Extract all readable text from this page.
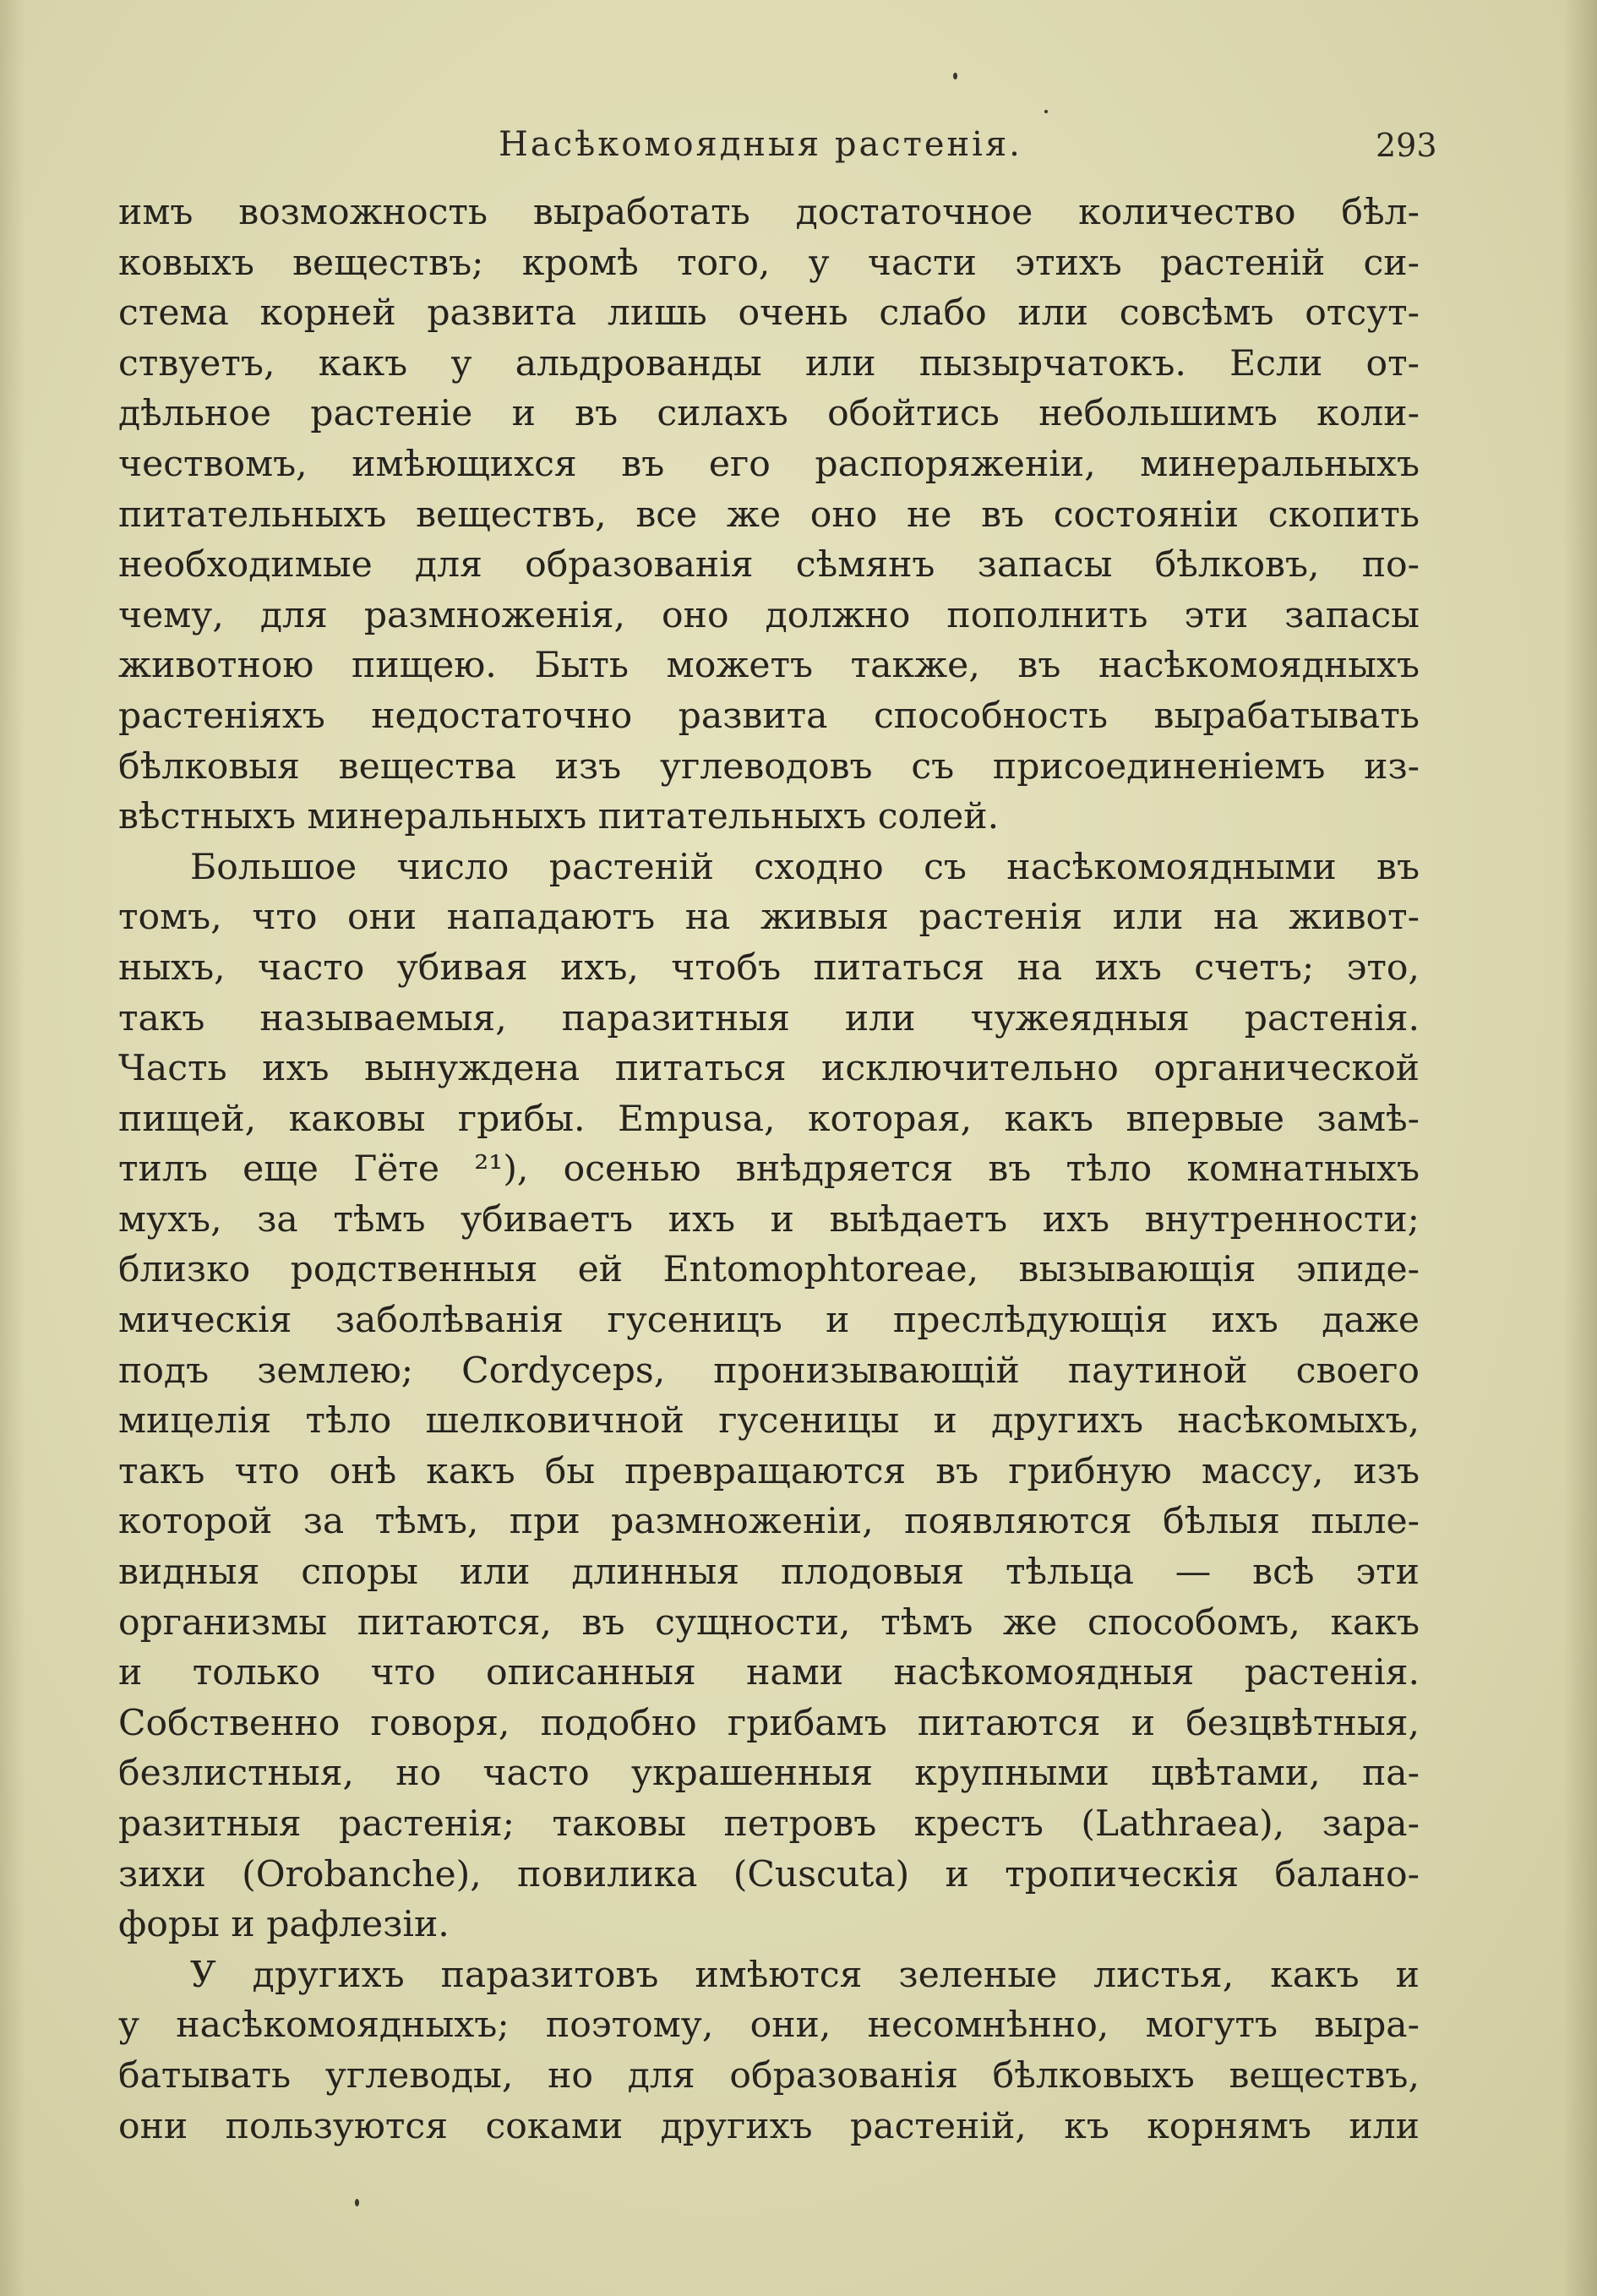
Насѣкомоядныя растенія.	293
имъ возможность выработать достаточное количество бѣл-
ковыхъ веществъ; кромѣ того, у части этихъ растеній си-
стема корней развита лишь очень слабо или совсѣмъ отсут-
ствуетъ, какъ у альдрованды или пызырчатокъ. Если от-
дѣльное растеніе и въ силахъ обойтись небольшимъ коли-
чествомъ, имѣющихся въ его распоряженіи, минеральныхъ
питательныхъ веществъ, все же оно не въ состояніи скопить
необходимые для образованія сѣмянъ запасы бѣлковъ, по-
чему, для размноженія, оно должно пополнить эти запасы
животною пищею. Быть можетъ также, въ насѣкомоядныхъ
растеніяхъ недостаточно развита способность вырабатывать
бѣлковыя вещества изъ углеводовъ съ присоединеніемъ из-
вѣстныхъ минеральныхъ питательныхъ солей.
Большое число растеній сходно съ насѣкомоядными въ
томъ, что они нападаютъ на живыя растенія или на живот-
ныхъ, часто убивая ихъ, чтобъ питаться на ихъ счетъ; это,
такъ называемыя, паразитныя или чужеядныя растенія.
Часть ихъ вынуждена питаться исключительно органической
пищей, каковы грибы. Empusa, которая, какъ впервые замѣ-
тилъ еще Гёте ²¹), осенью внѣдряется въ тѣло комнатныхъ
мухъ, за тѣмъ убиваетъ ихъ и выѣдаетъ ихъ внутренности;
близко родственныя ей Entomophtoreae, вызывающія эпиде-
мическія заболѣванія гусеницъ и преслѣдующія ихъ даже
подъ землею; Cordyceps, пронизывающій паутиной своего
мицелія тѣло шелковичной гусеницы и другихъ насѣкомыхъ,
такъ что онѣ какъ бы превращаются въ грибную массу, изъ
которой за тѣмъ, при размноженіи, появляются бѣлыя пыле-
видныя споры или длинныя плодовыя тѣльца — всѣ эти
организмы питаются, въ сущности, тѣмъ же способомъ, какъ
и только что описанныя нами насѣкомоядныя растенія.
Собственно говоря, подобно грибамъ питаются и безцвѣтныя,
безлистныя, но часто украшенныя крупными цвѣтами, па-
разитныя растенія; таковы петровъ крестъ (Lathraea), зара-
зихи (Orobanche), повилика (Cuscuta) и тропическія балано-
форы и рафлезіи.
У другихъ паразитовъ имѣются зеленые листья, какъ и
у насѣкомоядныхъ; поэтому, они, несомнѣнно, могутъ выра-
батывать углеводы, но для образованія бѣлковыхъ веществъ,
они пользуются соками другихъ растеній, къ корнямъ или
